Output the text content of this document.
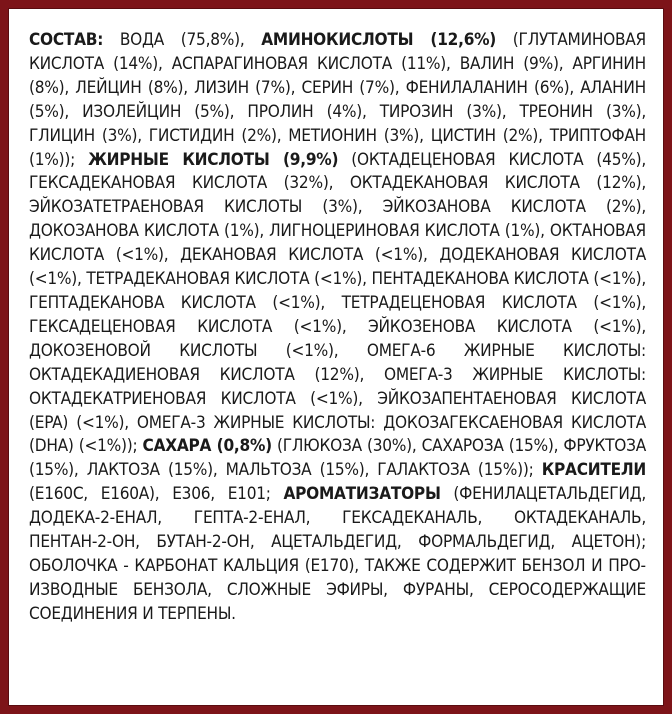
СОСТАВ: ВОДА (75,8%), АМИНОКИСЛОТЫ (12,6%) (ГЛУТАМИНОВАЯ КИСЛОТА (14%), АСПАРАГИНОВАЯ КИСЛОТА (11%), ВАЛИН (9%), АРГИНИН (8%), ЛЕЙЦИН (8%), ЛИЗИН (7%), СЕРИН (7%), ФЕНИЛАЛАНИН (6%), АЛАНИН (5%), ИЗОЛЕЙЦИН (5%), ПРОЛИН (4%), ТИРОЗИН (3%), ТРЕОНИН (3%), ГЛИЦИН (3%), ГИСТИДИН (2%), МЕТИОНИН (3%), ЦИСТИН (2%), ТРИПТОФАН (1%)); ЖИРНЫЕ КИСЛОТЫ (9,9%) (ОКТАДЕЦЕНОВАЯ КИСЛОТА (45%), ГЕКСАДЕКАНОВАЯ КИСЛОТА (32%), ОКТАДЕКАНОВАЯ КИСЛОТА (12%), ЭЙКОЗАТЕТРАЕНОВАЯ КИСЛОТЫ (3%), ЭЙКОЗАНОВА КИСЛОТА (2%), ДОКОЗАНОВА КИСЛОТА (1%), ЛИГНОЦЕРИНОВАЯ КИСЛОТА (1%), ОКТАНОВАЯ КИСЛОТА (<1%), ДЕКАНОВАЯ КИСЛОТА (<1%), ДОДЕКАНОВАЯ КИСЛОТА (<1%), ТЕТРАДЕКАНОВАЯ КИСЛОТА (<1%), ПЕНТАДЕКАНОВА КИСЛОТА (<1%), ГЕПТАДЕКАНОВА КИСЛОТА (<1%), ТЕТРАДЕЦЕНОВАЯ КИСЛОТА (<1%), ГЕКСАДЕЦЕНОВАЯ КИСЛОТА (<1%), ЭЙКОЗЕНОВА КИСЛОТА (<1%), ДОКОЗЕНОВОЙ КИСЛОТЫ (<1%), ОМЕГА-6 ЖИРНЫЕ КИСЛОТЫ: ОКТАДЕКАДИЕНОВАЯ КИСЛОТА (12%), ОМЕГА-3 ЖИРНЫЕ КИСЛОТЫ: ОКТАДЕКАТРИЕНОВАЯ КИСЛОТА (<1%), ЭЙКОЗАПЕНТАЕНОВАЯ КИСЛОТА (EPA) (<1%), ОМЕГА-3 ЖИРНЫЕ КИСЛОТЫ: ДОКОЗАГЕКСАЕНОВАЯ КИСЛОТА (DHA) (<1%)); САХАРА (0,8%) (ГЛЮКОЗА (30%), САХАРОЗА (15%), ФРУКТОЗА (15%), ЛАКТОЗА (15%), МАЛЬТОЗА (15%), ГАЛАКТОЗА (15%)); КРАСИТЕЛИ (E160C, E160A), E306, E101; АРОМАТИЗАТОРЫ (ФЕНИЛАЦЕТАЛЬДЕГИД, ДОДЕКА-2-ЕНАЛ, ГЕПТА-2-ЕНАЛ, ГЕКСАДЕКАНАЛЬ, ОКТАДЕКАНАЛЬ, ПЕНТАН-2-ОН, БУТАН-2-ОН, АЦЕТАЛЬДЕГИД, ФОРМАЛЬДЕГИД, АЦЕТОН); ОБОЛОЧКА - КАРБОНАТ КАЛЬЦИЯ (E170), ТАКЖЕ СОДЕРЖИТ БЕНЗОЛ И ПРОИЗВОДНЫЕ БЕНЗОЛА, СЛОЖНЫЕ ЭФИРЫ, ФУРАНЫ, СЕРОСОДЕРЖАЩИЕ СОЕДИНЕНИЯ И ТЕРПЕНЫ.
